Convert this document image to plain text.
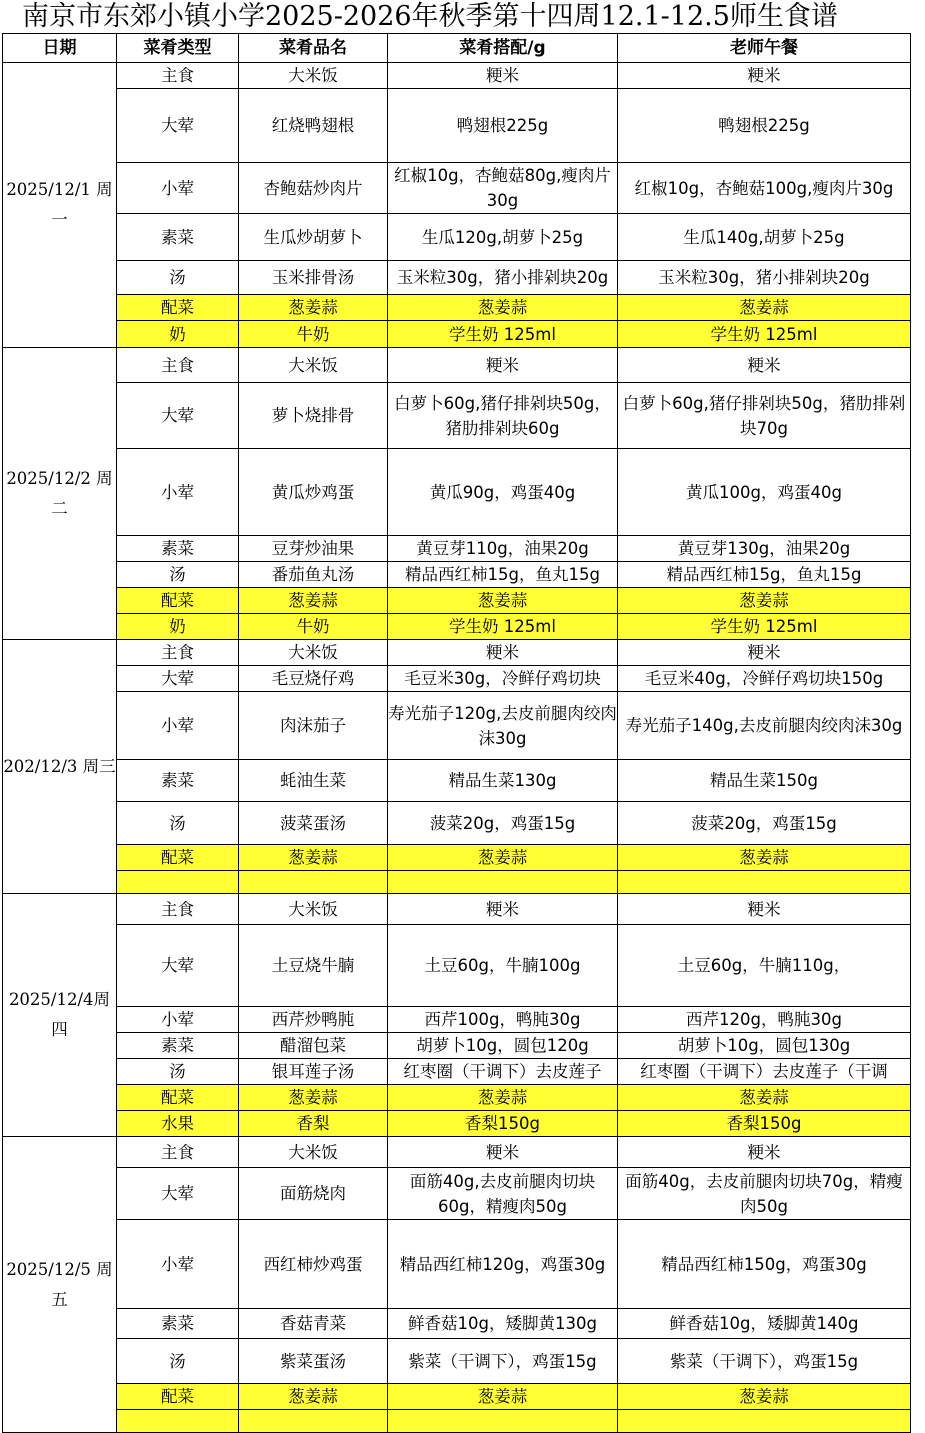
南京市东郊小镇小学2025-2026年秋季第十四周12.1-12.5师生食谱
日期	菜肴类型	菜肴品名	菜肴搭配/g	老师午餐
2025/12/1 周一	主食	大米饭	粳米	粳米
	大荤	红烧鸭翅根	鸭翅根225g	鸭翅根225g
	小荤	杏鲍菇炒肉片	红椒10g，杏鲍菇80g,瘦肉片30g	红椒10g，杏鲍菇100g,瘦肉片30g
	素菜	生瓜炒胡萝卜	生瓜120g,胡萝卜25g	生瓜140g,胡萝卜25g
	汤	玉米排骨汤	玉米粒30g，猪小排剁块20g	玉米粒30g，猪小排剁块20g
	配菜	葱姜蒜	葱姜蒜	葱姜蒜
	奶	牛奶	学生奶 125ml	学生奶 125ml
2025/12/2 周二	主食	大米饭	粳米	粳米
	大荤	萝卜烧排骨	白萝卜60g,猪仔排剁块50g，猪肋排剁块60g	白萝卜60g,猪仔排剁块50g，猪肋排剁块70g
	小荤	黄瓜炒鸡蛋	黄瓜90g，鸡蛋40g	黄瓜100g，鸡蛋40g
	素菜	豆芽炒油果	黄豆芽110g，油果20g	黄豆芽130g，油果20g
	汤	番茄鱼丸汤	精品西红柿15g，鱼丸15g	精品西红柿15g，鱼丸15g
	配菜	葱姜蒜	葱姜蒜	葱姜蒜
	奶	牛奶	学生奶 125ml	学生奶 125ml
202/12/3 周三	主食	大米饭	粳米	粳米
	大荤	毛豆烧仔鸡	毛豆米30g，冷鲜仔鸡切块	毛豆米40g，冷鲜仔鸡切块150g
	小荤	肉沫茄子	寿光茄子120g,去皮前腿肉绞肉沫30g	寿光茄子140g,去皮前腿肉绞肉沫30g
	素菜	蚝油生菜	精品生菜130g	精品生菜150g
	汤	菠菜蛋汤	菠菜20g，鸡蛋15g	菠菜20g，鸡蛋15g
	配菜	葱姜蒜	葱姜蒜	葱姜蒜

2025/12/4周四	主食	大米饭	粳米	粳米
	大荤	土豆烧牛腩	土豆60g，牛腩100g	土豆60g，牛腩110g，
	小荤	西芹炒鸭肫	西芹100g，鸭肫30g	西芹120g，鸭肫30g
	素菜	醋溜包菜	胡萝卜10g，圆包120g	胡萝卜10g，圆包130g
	汤	银耳莲子汤	红枣圈（干调下）去皮莲子	红枣圈（干调下）去皮莲子（干调
	配菜	葱姜蒜	葱姜蒜	葱姜蒜
	水果	香梨	香梨150g	香梨150g
2025/12/5 周五	主食	大米饭	粳米	粳米
	大荤	面筋烧肉	面筋40g,去皮前腿肉切块60g，精瘦肉50g	面筋40g，去皮前腿肉切块70g，精瘦肉50g
	小荤	西红柿炒鸡蛋	精品西红柿120g，鸡蛋30g	精品西红柿150g，鸡蛋30g
	素菜	香菇青菜	鲜香菇10g，矮脚黄130g	鲜香菇10g，矮脚黄140g
	汤	紫菜蛋汤	紫菜（干调下），鸡蛋15g	紫菜（干调下），鸡蛋15g
	配菜	葱姜蒜	葱姜蒜	葱姜蒜
